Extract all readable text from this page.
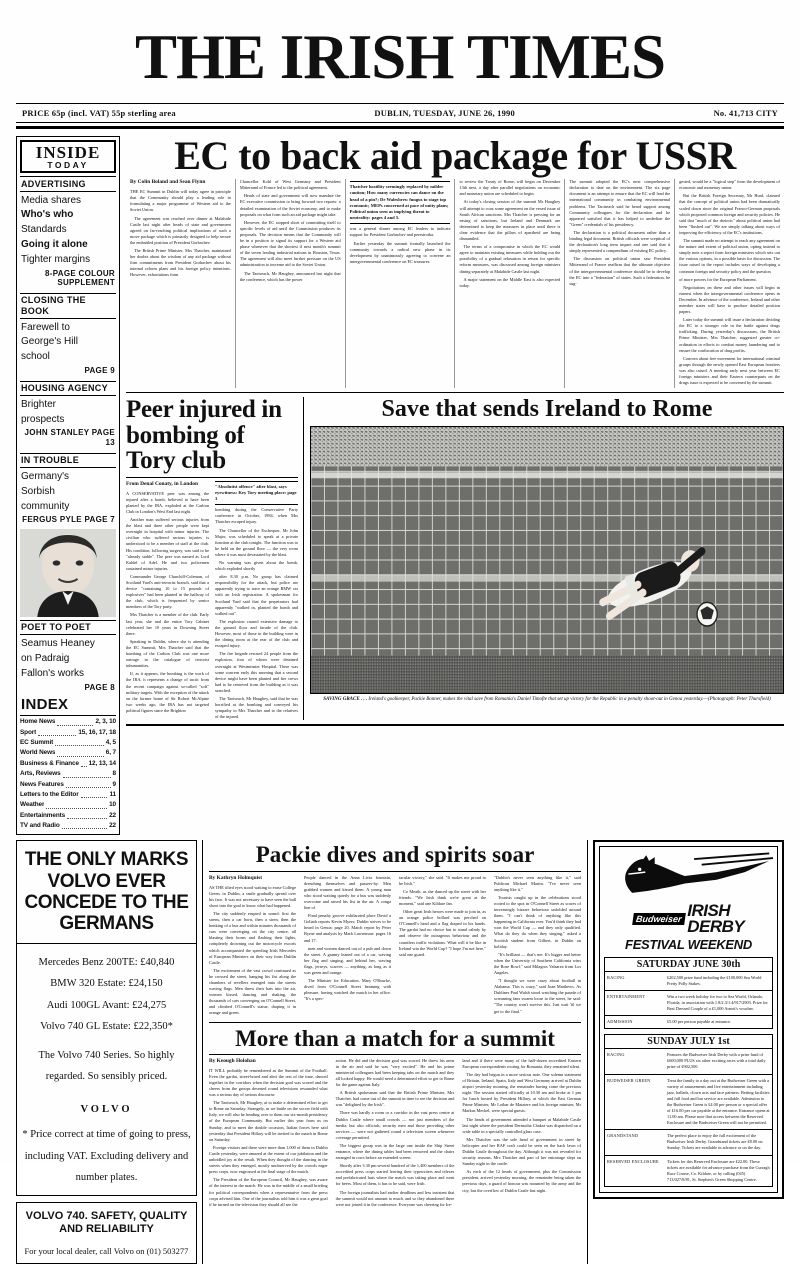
THE IRISH TIMES
PRICE 65p (incl. VAT) 55p sterling area	DUBLIN, TUESDAY, JUNE 26, 1990	No. 41,713 CITY
INSIDE
TODAY
ADVERTISING
Media shares
Who's who
Standards
Going it alone
Tighter margins
8-PAGE COLOUR SUPPLEMENT
CLOSING THE BOOK
Farewell to
George's Hill
school
PAGE 9
HOUSING AGENCY
Brighter
prospects
JOHN STANLEY PAGE 13
IN TROUBLE
Germany's
Sorbish
community
FERGUS PYLE PAGE 7
POET TO POET
Seamus Heaney
on Padraig
Fallon's works
PAGE 8
INDEX
Home News	2, 3, 10
Sport	15, 16, 17, 18
EC Summit	4, 5
World News	6, 7
Business & Finance 12, 13, 14
Arts, Reviews	8
News Features	9
Letters to the Editor	11
Weather	10
Entertainments	22
TV and Radio	22
EC to back aid package for USSR
By Colin Boland and Sean Flynn

THE EC Summit in Dublin will today agree in principle that the Community should play a leading role in formulating a major programme of Western aid to the Soviet Union.

The agreement was reached over dinner at Malahide Castle last night after heads of state and government agreed on far-reaching political implications of such a move package which is primarily designed to help secure the embattled position of President Gorbachev.

The British Prime Minister, Mrs Thatcher, maintained her doubts about the wisdom of any aid package without firm commitments from President Gorbachev about his internal reform plans and his foreign policy intentions. However, exhortations from

Chancellor Kohl of West Germany and President Mitterrand of France led to the political agreement.

Heads of state and government will now mandate the EC executive commission to bring forward two reports: a detailed examination of the Soviet economy, and to make proposals on what form such an aid package might take.

However, the EC stopped short of committing itself to specific levels of aid until the Commission produces its proposals. The decision means that the Community will be in a position to signal its support for a Western aid phase whenever that the shortest if next month's summit of the seven leading industrial nations in Houston, Texas. The agreement will also meet further pressure on the US administration to increase aid to the Soviet Union.

The Taoiseach, Mr Haughey, announced last night that the conference, which has the power

Thatcher hostility seemingly replaced by milder caution; How many currencies can dance on the head of a pin?; De Walesbrew fungus to stage top economic; MEPs concerned at pace of unity plans; Political union seen as implying threat to neutrality: pages 4 and 5.

was a general dinner among EC leaders to indicate support for President Gorbachev and perestroika.

Earlier yesterday the summit formally launched the community towards a radical new phase in its development by unanimously agreeing to convene an intergovernmental conference on EC treasures.

to review the Treaty of Rome, will begin on December 13th next, a day after parallel negotiations on economic and monetary union are scheduled to begin.

At today's closing session of the summit Mr Haughey will attempt to coax some agreement on the vexed issue of South African sanctions. Mrs Thatcher is pressing for an easing of sanctions, but Ireland and Denmark are determined to keep the measures in place until there is clear evidence that the pillars of apartheid are being dismantled.

The terms of a compromise in which the EC would agree to maintain existing measures while holding out the possibility of a gradual relaxation in return for specific reform measures, was discussed among foreign ministers dining separately at Malahide Castle last night.

A major statement on the Middle East is also expected today.

The summit adopted the EC's next comprehensive declaration to date on the environment. The six page document is an attempt to ensure that the EC will lead the international community in combating environmental problems. The Taoiseach said he heard support among Community colleagues for the declaration and he appeared satisfied that it has helped to underline the "Green" credentials of his presidency.

The declaration is a political document rather than a binding legal document. British officials were sceptical of the declaration's long term impact and one said that it simply represented a compendium of existing EC policy.

The discussion on political union saw President Mitterrand of France reaffirm that the ultimate objective of the intergovernmental conference should be to develop the EC into a "federation" of states. Such a federation, he sug-

gested, would be a "logical step" from the development of economic and monetary union.

But the British Foreign Secretary, Mr Hurd, claimed that the concept of political union had been dramatically scaled down since the original Franco-German proposals which proposed common foreign and security policies. He said that "much of the rhetoric" about political union had been "flushed out". We are simply talking about ways of improving the efficiency of the EC's institutions.

The summit made no attempt to reach any agreement on the nature and extent of political union, opting instead to simply note a report from foreign ministers which sets out the various options, in a possible basis for discussion. The issue raised in the report includes ways of developing a common foreign and security policy and the question

of more powers for the European Parliament.

Negotiations on these and other issues will begin in earnest when the intergovernmental conference opens in December. In advance of the conference, Ireland and other member states will have to produce detailed position papers.

Later today the summit will issue a declaration dividing the EC to a stronger role in the battle against drugs trafficking. During yesterday's discussions, the British Prime Minister, Mrs Thatcher, suggested greater co-ordination in efforts to combat money laundering and to ensure the confiscation of drug profits.

Concern about free movement for international criminal groups through the newly opened East European frontiers was also raised. A meeting early next year between EC foreign ministers and their Eastern counterparts on the drugs issue is expected to be convened by the summit.

Peer injured in bombing of Tory club
From Denal Conaty, in London

A CONSERVATIVE peer was among the injured after a bomb, believed to have been planted by the IRA, exploded at the Carlton Club in London's West End last night.

Another man suffered serious injuries from the blast and three other people were kept overnight in hospital with minor injuries. The civilian who suffered serious injuries is understood to be a member of staff at the club. His condition, following surgery, was said to be "already stable". The peer was named as Lord Kaldel of Adel. He and two policemen sustained minor injuries.

Commander George Churchill-Coleman, of Scotland Yard's anti-terrorist branch, said that a device "containing 10 to 15 pounds of explosives" had been planted in the hallway of the club, which is frequented by senior members of the Tory party.

Mrs Thatcher is a member of the club. Early last year, she and the entire Tory Cabinet celebrated her 10 years in Downing Street there.

Speaking in Dublin, where she is attending the EC Summit, Mrs Thatcher said that the bombing of the Carlton Club was one more outrage in the catalogue of terrorist inhumanities.

If, as it appears, the bombing is the work of the IRA, it represents a change of tactic from the recent campaign against so-called "soft" military targets. With the exception of the attack on the former home of Sir Robert McAlpine two weeks ago, the IRA has not targeted political figures since the Brighton

"Absolutist offence" after blast, says eyewitness: Key Tory meeting place: page 3

bombing during the Conservative Party conference in October, 1984, when Mrs Thatcher escaped injury.

The Chancellor of the Exchequer, Mr John Major, was scheduled to speak at a private function at the club tonight. The function was to be held on the ground floor — the very room where it was most devastated by the blast.

No warning was given about the bomb, which exploded shortly

after 8.30 p.m. No group has claimed responsibility for the attack, but police are apparently trying to trace an orange BMW car with an Irish registration. A spokesman for Scotland Yard said that the perpetrators had apparently "walked in, planted the bomb and walked out".

The explosion caused extensive damage to the ground floor and facade of the club. However, most of those in the building were in the dining room at the rear of the club and escaped injury.

The fire brigade rescued 24 people from the explosion, four of whom were detained overnight at Westminster Hospital. There was some concern early this morning that a second device might have been planted and fire crews had to be removed from the building as it was searched.

The Taoiseach, Mr Haughey, said that he was horrified at the bombing and conveyed his sympathy to Mrs Thatcher and to the relatives of the injured.

Save that sends Ireland to Rome
SAVING GRACE . . . Ireland's goalkeeper, Packie Bonner, makes the vital save from Romania's Daniel Timofte that set up victory for the Republic in a penalty shoot-out in Genoa yesterday.—(Photograph: Peter Thursfield)
THE ONLY MARKS VOLVO EVER CONCEDE TO THE GERMANS
Mercedes Benz 200TE: £40,840
BMW 320 Estate: £24,150
Audi 100GL Avant: £24,275
Volvo 740 GL Estate: £22,350*
The Volvo 740 Series. So highly regarded. So sensibly priced.
VOLVO
* Price correct at time of going to press, including VAT. Excluding delivery and number plates.
VOLVO 740. SAFETY, QUALITY AND RELIABILITY
For your local dealer, call Volvo on (01) 503277
Packie dives and spirits soar
By Kathryn Holmquist

AS THE tilted eyes stood waiting to erase College Green, in Dublin, a smile gradually spread over his face. It was not necessary to have seen the ball shoot into the goal to know what had happened.

The city suddenly erupted in sound: first the sirens, then a car horn, then a siren, then the honking of a bus and within minutes thousands of cars were converging on the city centre, all blasting their horns and flashing their lights, completely drowning out the motorcycle escorts which accompanied the speeding Irish Mercedes of European Ministers on their way from Dublin Castle.

The excitement of the vast crowd continued as he crossed the street, banging his fist along the chambers of revellers emerged onto the streets waving flags. Men threw their hats into the air, women kissed, dancing and shaking, the thousands of cars converging on O'Connell Street, and climbed O'Connell's statue, draping it in orange and green.

People danced in the Anna Livia fountain, drenching themselves and passers-by. Men grabbed women and kissed them. A young man who stood waiting quietly for a bus was suddenly overcome and raised his fist in the air. A conga line of

Final penalty groove exhilarated place David a Goliath reports Kevin Myers; Dublin strives to be heard in Genoa: page 20. Match report by Peter Byrne and analysis by Mark Lawrenson: pages 16 and 17.

men and women danced out of a pub and down the street. A granny leaned out of a car, waving her flag and singing, and behind her, waving flags, jerseys, scarves — anything, as long as it was green and orange.

The Minister for Education, Mary O'Rourke, dived from O'Connell Street beaming with pleasure, having watched the match in her office. "It's a spec-

tacular victory," she said. "It makes me proud to be Irish."

Co Meath, as she danced up the street with her friends. "We Irish think we're great at the moment," said one Kildare fan.

Other great Irish heroes were made to join in, as an orange police bollard was perched on O'Connell's head and a flag draped in his hands. The gardai had no choice but to stand calmly by and observe the outrageous behaviour and the countless traffic violations. What will it be like in Ireland win the World Cup? "I hope I'm not here," said one guard.

"Dublin's never seen anything like it," said Publican Michael Martin. "I've never seen anything like it."

Tourists caught up in the celebrations stood rooted to the spot in O'Connell Street as scores of increasingly bizarre behaviour unfolded around them. "I can't think of anything like this happening in California ever. You'd think they had won the World Cup — and they only qualified. What do they do when they singing," asked a Scottish student from Gilbert, in Dublin on holiday.

"It's brilliant — that's me. It's bigger and better when the University of Southern California wins the Rose Bowl," said Milagros Valsarea from Los Angeles.

"I thought we were crazy about football in Alabama. This is crazy," said Joan Matthews. As Dubliner Paul Walsh stood watching the parade of screaming fans swarm loose to the street, he said: "The country won't survive this. Just wait 'til we get to the final."

More than a match for a summit
By Keough Holohan

IT WILL probably be remembered as the Summit of the Football. Even the gardai, street-bored and alert the rest of the time, danced together in the corridors when the decision goal was scored and the cheers from the groups deserted round televisions resounded what was a serious day of serious discourse.

The Taoiseach, Mr Haughey, at to make a determined effort to get to Rome on Saturday. Strangely, as we battle on the soccer field with Italy, we will also be heading over to them our six-month presidency of the European Community. But earlier this year from us on Sunday, and to meet the double occasion, Italian forces here said yesterday that President Hillary will be invited to the match in Rome on Saturday.

Foreign visitors and there were more than 1,000 of them in Dublin Castle yesterday, were amazed at the extent of our jubilation and the unbridled joy at the result. When they thought of the dancing in the streets when they emerged, mostly unobserved by the crowds eager press corps, now engrossed at the final stage of the match.

The President of the European Council, Mr Haughey, was aware of the interest in the match. He was in the middle of a small briefing for political correspondents when a representative from the press corps advised him. One of the journalists told him it was a great goal if he turned on the television they should all see the

action. He did and the decision goal was scored. He threw his arms in the air and said he was "very excited". He and his prime ministerial colleagues had been keeping tabs on the match and they all looked happy. He would need a determined effort to get to Rome for the game against Italy.

A British spokesman said that the British Prime Minister, Mrs Thatcher, had come out of the summit in time to see the decision and was "delighted by the Irish".

There was hardly a room or a corridor in the vast press centre at Dublin Castle where small crowds — not just members of the media, but also officials, security men and those providing other services — were not gathered round a television screen whenever coverage permitted.

The biggest group was in the large one inside the Ship Street entrance, where the dining tables had been removed and the chairs arranged in rows before an extended screen.

Shortly after 3.30 pm several hundred of the 1,400 members of the accredited press corps started leaving their typewriters and telexes and prefabricated huts where the match was taking place and went for beers. Most of them, it has to be said, were Irish.

The foreign journalists had earlier deadlines and less insistent that the summit would not amount to much, and so they abandoned there were not joined it in the conference. Everyone was cheering for Ire-

land and if there were many of the half-dozen accredited Eastern European correspondents rooting for Romania, they remained silent.

The day had begun in a more serious note. One solemn statement of Britain, Ireland, Spain, Italy and West Germany arrived at Dublin airport yesterday morning, the remainder having come the previous night. The session started officially at 10.30 am and broke at 1 pm for lunch hosted by President Hillary, at which the East German Prime Minister, Mr Lothar de Maiziere and his foreign minister, Mr Markus Meckel, were special guests.

The heads of government attended a banquet at Malahide Castle last night where the president Dermotha Chakra was dispatched on a wide table in a specially controlled glass case.

Mrs Thatcher was the sole head of government in street by helicopter and her RAF craft could be seen on the back lawn of Dublin Castle throughout the day. Although it was not revealed for security reasons, Mrs Thatcher and part of her entourage slept on Sunday night in the castle.

As each of the 12 heads of government, plus the Commission president, arrived yesterday morning, the remainder being taken the previous days, a guard of honour was mounted by the army and the city, but the overflow of Dublin Castle last night.

Budweiser IRISH
DERBY
FESTIVAL WEEKEND
SATURDAY JUNE 30th
RACING	£202,500 prize fund including the £100,000 Sea World Pretty Polly Stakes.
ENTERTAINMENT	Win a two week holiday for two to Sea World, Orlando, Florida, in association with 1.8/2.3/1.4/917/2903. Prize for Best Dressed Couple of a £1,000 Arnott's voucher.
ADMISSION	£5.00 per person payable at entrance.
SUNDAY JULY 1st
RACING	Features the Budweiser Irish Derby with a prize fund of £600,000 PLUS six other exciting races with a total daily prize of £902,500.
BUDWEISER GREEN	Treat the family to a day out at the Budweiser Green with a variety of amusements and live entertainment including jazz, ballads, clown acts and face painters. Betting facilities and full food and bar service are available. Admission to the Budweiser Green is £4.00 per person or a special offer of £16.00 per car payable at the entrance. Entrance opens at 11.00 am. Please note that access between the Reserved Enclosure and the Budweiser Green will not be permitted.
GRANDSTAND	The perfect place to enjoy the full excitement of the Budweiser Irish Derby. Grandstand tickets are £8.00 on Sunday. Tickets are available in advance or on the day.
RESERVED ENCLOSURE	Tickets for this Reserved Enclosure are £22.00. These tickets are available for advance purchase from the Curragh Race Course, Co. Kildare, or by calling (045) 713/027/8/81, St. Stephen's Green Shopping Centre.
